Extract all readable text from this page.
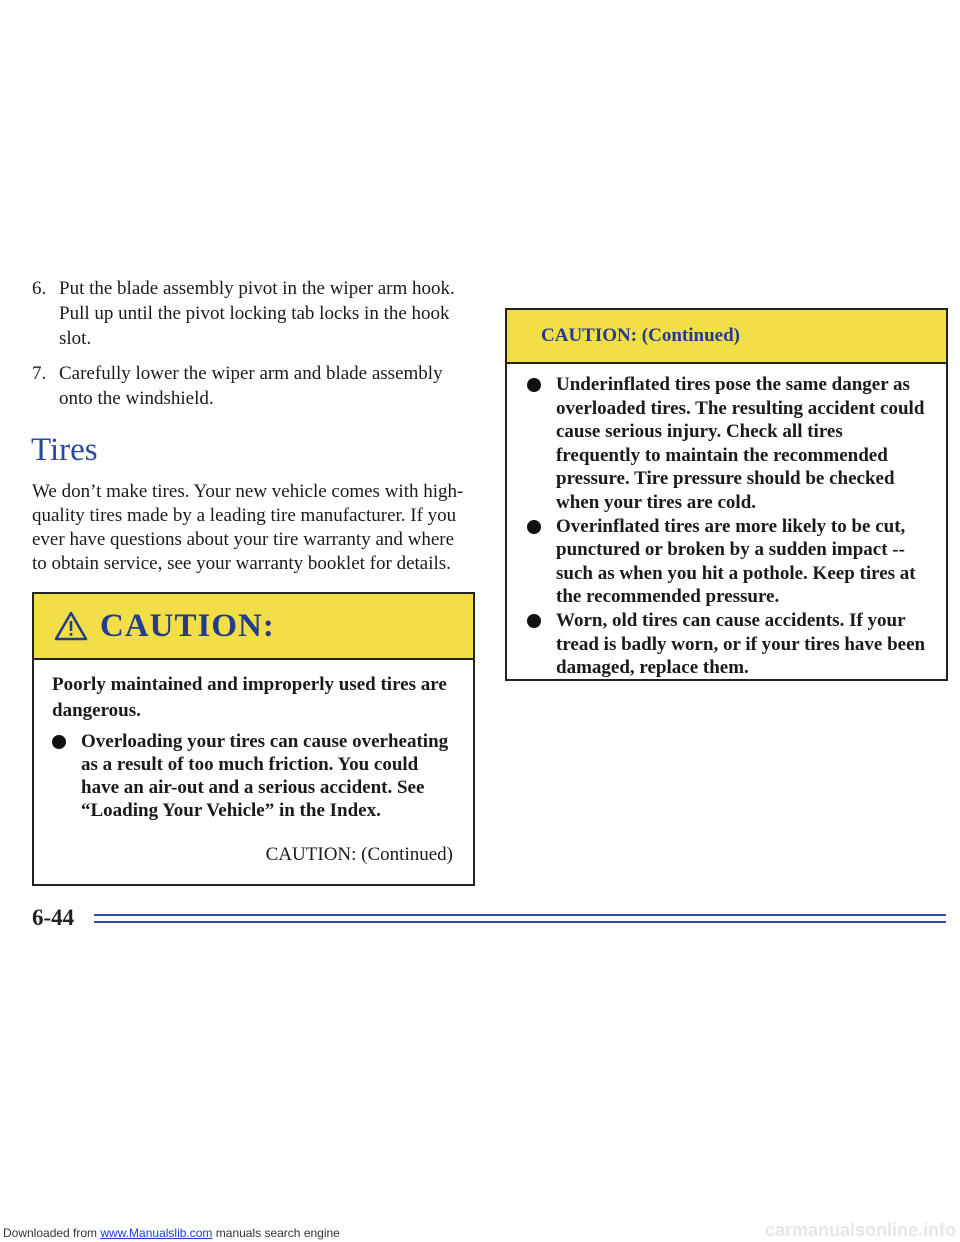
6. Put the blade assembly pivot in the wiper arm hook. Pull up until the pivot locking tab locks in the hook slot.
7. Carefully lower the wiper arm and blade assembly onto the windshield.
Tires

We don’t make tires. Your new vehicle comes with high-quality tires made by a leading tire manufacturer. If you ever have questions about your tire warranty and where to obtain service, see your warranty booklet for details.

CAUTION:

Poorly maintained and improperly used tires are dangerous.

Overloading your tires can cause overheating as a result of too much friction. You could have an air-out and a serious accident. See “Loading Your Vehicle” in the Index.
CAUTION: (Continued)
CAUTION: (Continued)
Underinflated tires pose the same danger as overloaded tires. The resulting accident could cause serious injury. Check all tires frequently to maintain the recommended pressure. Tire pressure should be checked when your tires are cold.
Overinflated tires are more likely to be cut, punctured or broken by a sudden impact -- such as when you hit a pothole. Keep tires at the recommended pressure.
Worn, old tires can cause accidents. If your tread is badly worn, or if your tires have been damaged, replace them.
6-44
Downloaded from www.Manualslib.com manuals search engine	carmanualsonline.info
